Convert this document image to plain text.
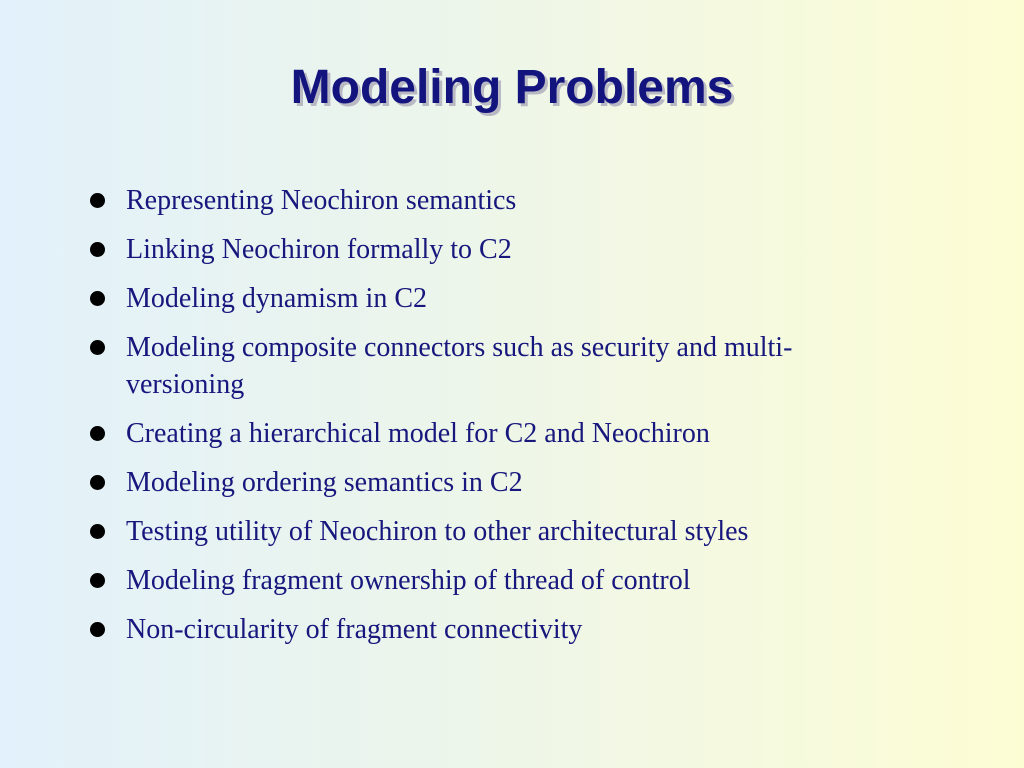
Modeling Problems
Representing Neochiron semantics
Linking Neochiron formally to C2
Modeling dynamism in C2
Modeling composite connectors such as security and multi-versioning
Creating a hierarchical model for C2 and Neochiron
Modeling ordering semantics in C2
Testing utility of Neochiron to other architectural styles
Modeling fragment ownership of thread of control
Non-circularity of fragment connectivity
